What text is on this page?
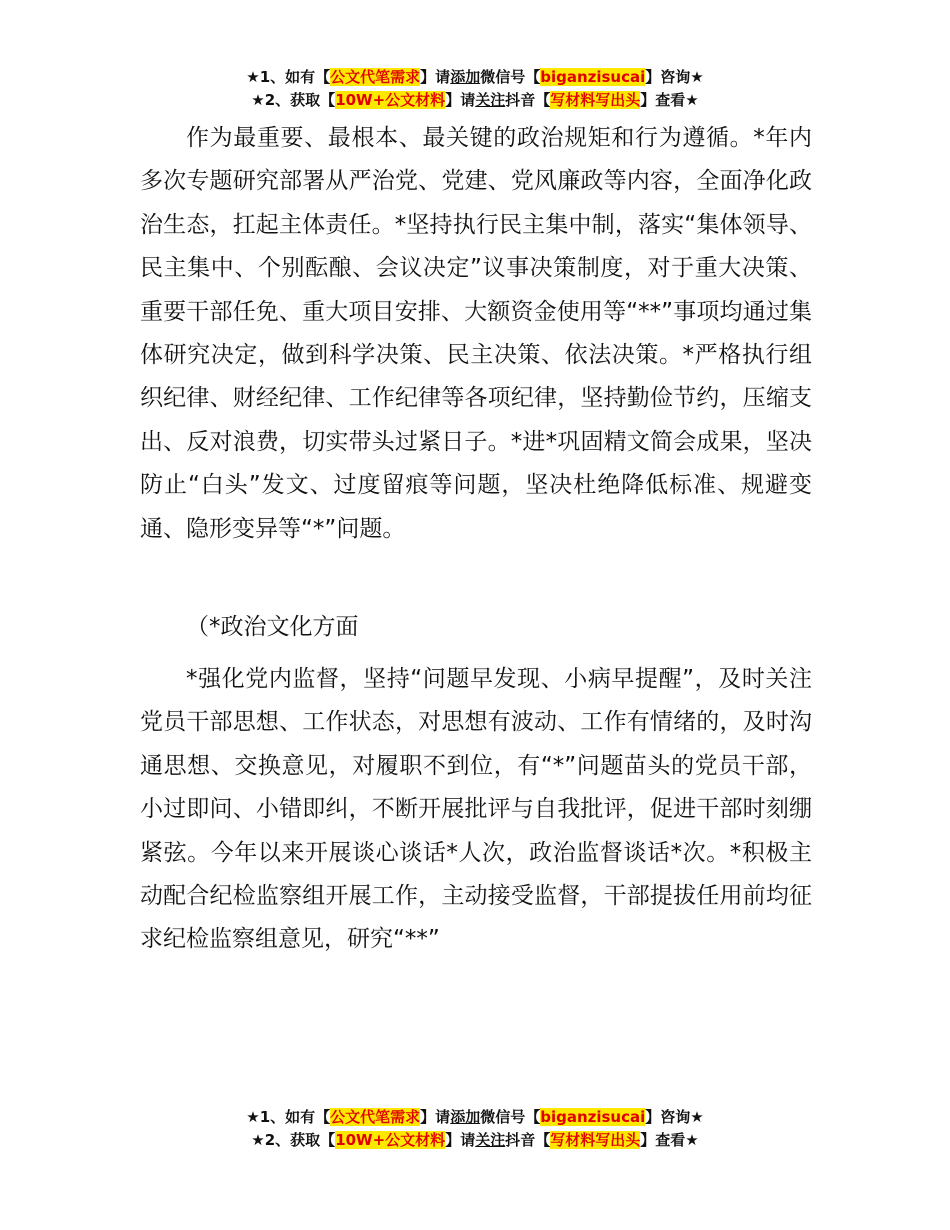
★1、如有【公文代笔需求】请添加微信号【biganzisucai】咨询★
★2、获取【10W+公文材料】请关注抖音【写材料写出头】查看★

作为最重要、最根本、最关键的政治规矩和行为遵循。*年内多次专题研究部署从严治党、党建、党风廉政等内容，全面净化政治生态，扛起主体责任。*坚持执行民主集中制，落实“集体领导、民主集中、个别酝酿、会议决定”议事决策制度，对于重大决策、重要干部任免、重大项目安排、大额资金使用等“**”事项均通过集体研究决定，做到科学决策、民主决策、依法决策。*严格执行组织纪律、财经纪律、工作纪律等各项纪律，坚持勤俭节约，压缩支出、反对浪费，切实带头过紧日子。*进*巩固精文简会成果，坚决防止“白头”发文、过度留痕等问题，坚决杜绝降低标准、规避变通、隐形变异等“*”问题。

（*政治文化方面

*强化党内监督，坚持“问题早发现、小病早提醒”，及时关注党员干部思想、工作状态，对思想有波动、工作有情绪的，及时沟通思想、交换意见，对履职不到位，有“*”问题苗头的党员干部，小过即问、小错即纠，不断开展批评与自我批评，促进干部时刻绷紧弦。今年以来开展谈心谈话*人次，政治监督谈话*次。*积极主动配合纪检监察组开展工作，主动接受监督，干部提拔任用前均征求纪检监察组意见，研究“**”

★1、如有【公文代笔需求】请添加微信号【biganzisucai】咨询★
★2、获取【10W+公文材料】请关注抖音【写材料写出头】查看★
